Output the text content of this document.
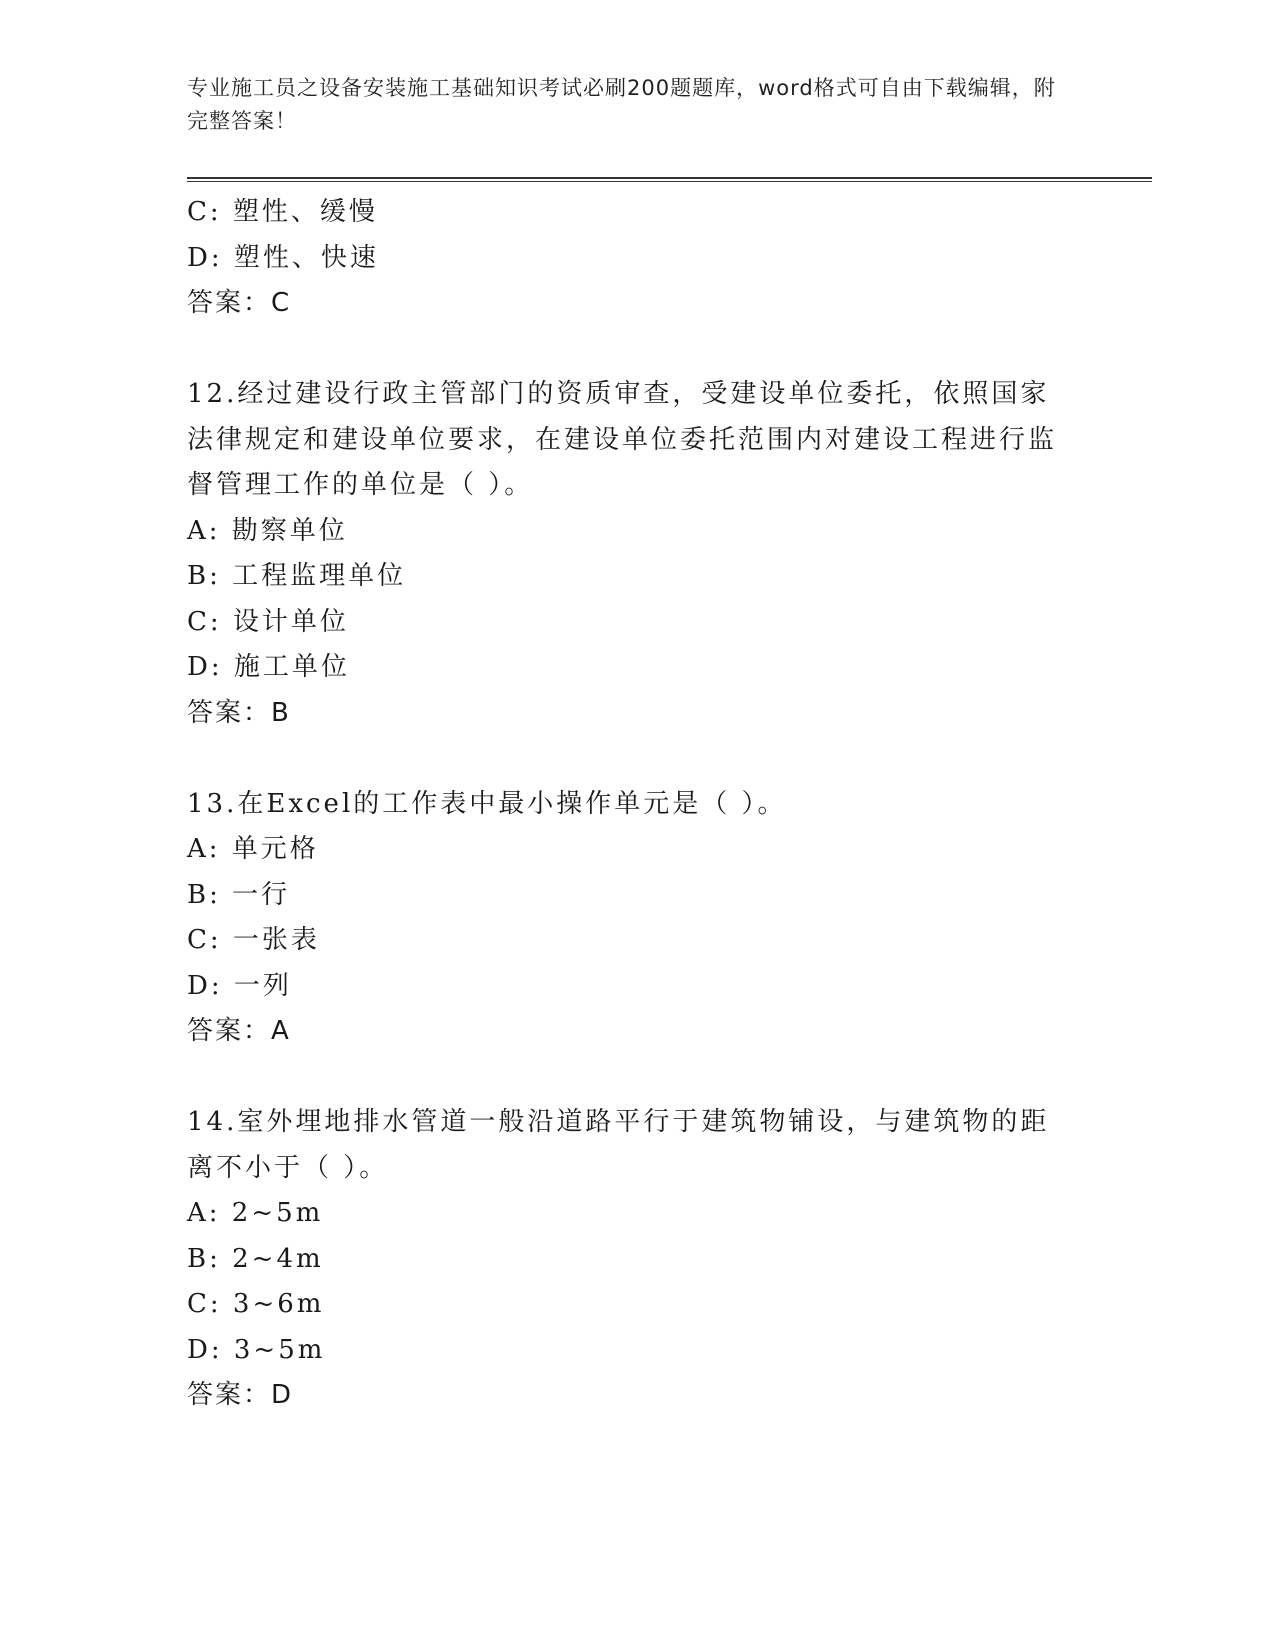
专业施工员之设备安装施工基础知识考试必刷200题题库，word格式可自由下载编辑，附完整答案！
C: 塑性、缓慢
D: 塑性、快速
答案：C
12.经过建设行政主管部门的资质审查，受建设单位委托，依照国家法律规定和建设单位要求，在建设单位委托范围内对建设工程进行监督管理工作的单位是（ ）。
A: 勘察单位
B: 工程监理单位
C: 设计单位
D: 施工单位
答案：B
13.在Excel的工作表中最小操作单元是（ ）。
A: 单元格
B: 一行
C: 一张表
D: 一列
答案：A
14.室外埋地排水管道一般沿道路平行于建筑物铺设，与建筑物的距离不小于（ ）。
A: 2~5m
B: 2~4m
C: 3~6m
D: 3~5m
答案：D
